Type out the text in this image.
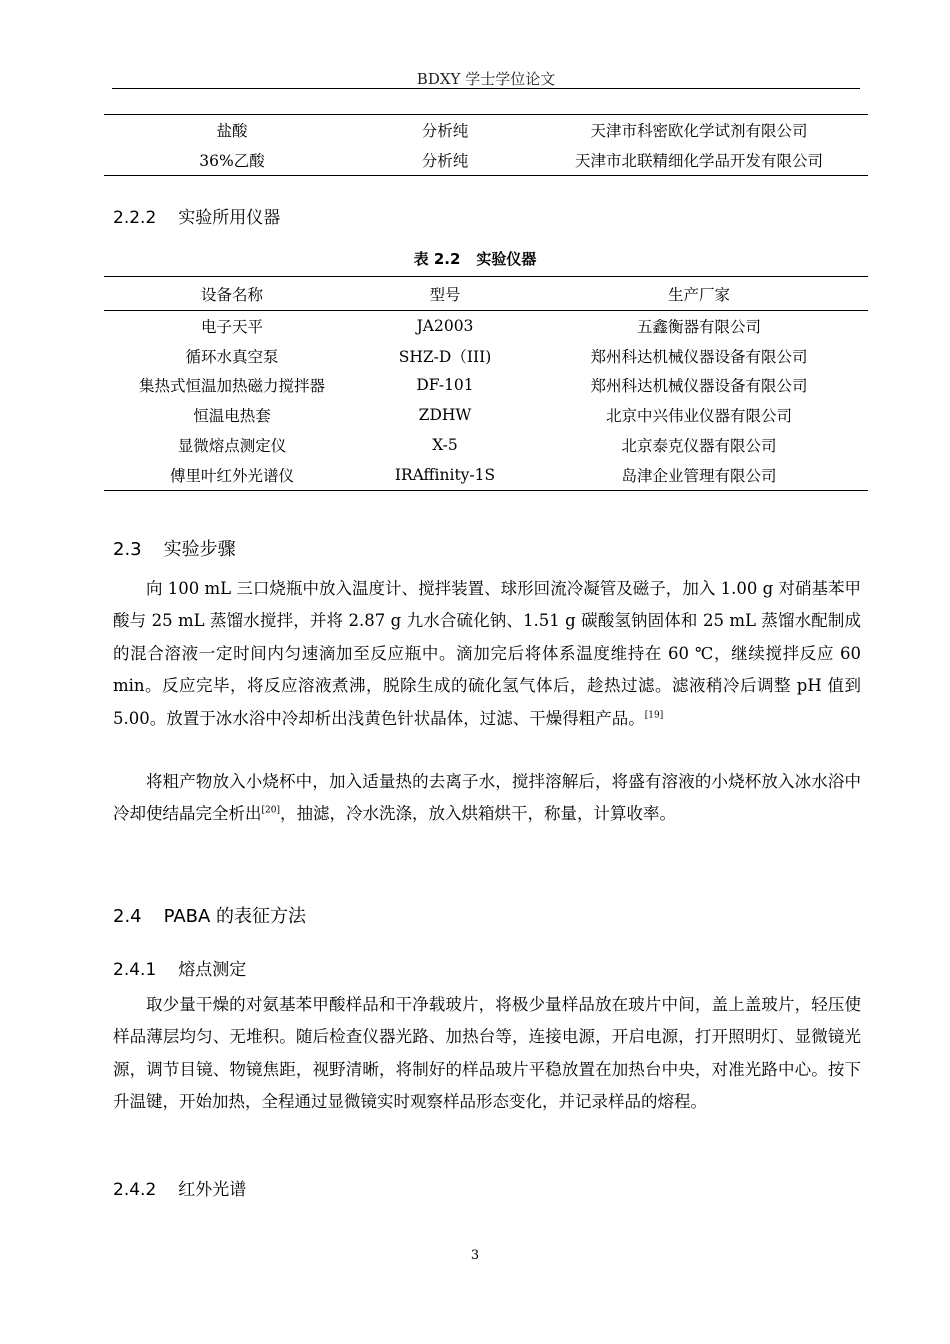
BDXY 学士学位论文
盐酸	分析纯	天津市科密欧化学试剂有限公司
36%乙酸	分析纯	天津市北联精细化学品开发有限公司
2.2.2 实验所用仪器
表 2.2 实验仪器
设备名称	型号	生产厂家
电子天平	JA2003	五鑫衡器有限公司
循环水真空泵	SHZ-D（III)	郑州科达机械仪器设备有限公司
集热式恒温加热磁力搅拌器	DF-101	郑州科达机械仪器设备有限公司
恒温电热套	ZDHW	北京中兴伟业仪器有限公司
显微熔点测定仪	X-5	北京泰克仪器有限公司
傅里叶红外光谱仪	IRAffinity-1S	岛津企业管理有限公司
2.3 实验步骤

向 100 mL 三口烧瓶中放入温度计、搅拌装置、球形回流冷凝管及磁子，加入 1.00 g 对硝基苯甲酸与 25 mL 蒸馏水搅拌，并将 2.87 g 九水合硫化钠、1.51 g 碳酸氢钠固体和 25 mL 蒸馏水配制成的混合溶液一定时间内匀速滴加至反应瓶中。滴加完后将体系温度维持在 60 ℃，继续搅拌反应 60 min。反应完毕，将反应溶液煮沸，脱除生成的硫化氢气体后，趁热过滤。滤液稍冷后调整 pH 值到 5.00。放置于冰水浴中冷却析出浅黄色针状晶体，过滤、干燥得粗产品。[19]

将粗产物放入小烧杯中，加入适量热的去离子水，搅拌溶解后，将盛有溶液的小烧杯放入冰水浴中冷却使结晶完全析出[20]，抽滤，冷水洗涤，放入烘箱烘干，称量，计算收率。

2.4 PABA 的表征方法
2.4.1 熔点测定

取少量干燥的对氨基苯甲酸样品和干净载玻片，将极少量样品放在玻片中间，盖上盖玻片，轻压使样品薄层均匀、无堆积。随后检查仪器光路、加热台等，连接电源，开启电源，打开照明灯、显微镜光源，调节目镜、物镜焦距，视野清晰，将制好的样品玻片平稳放置在加热台中央，对准光路中心。按下升温键，开始加热，全程通过显微镜实时观察样品形态变化，并记录样品的熔程。

2.4.2 红外光谱
3
